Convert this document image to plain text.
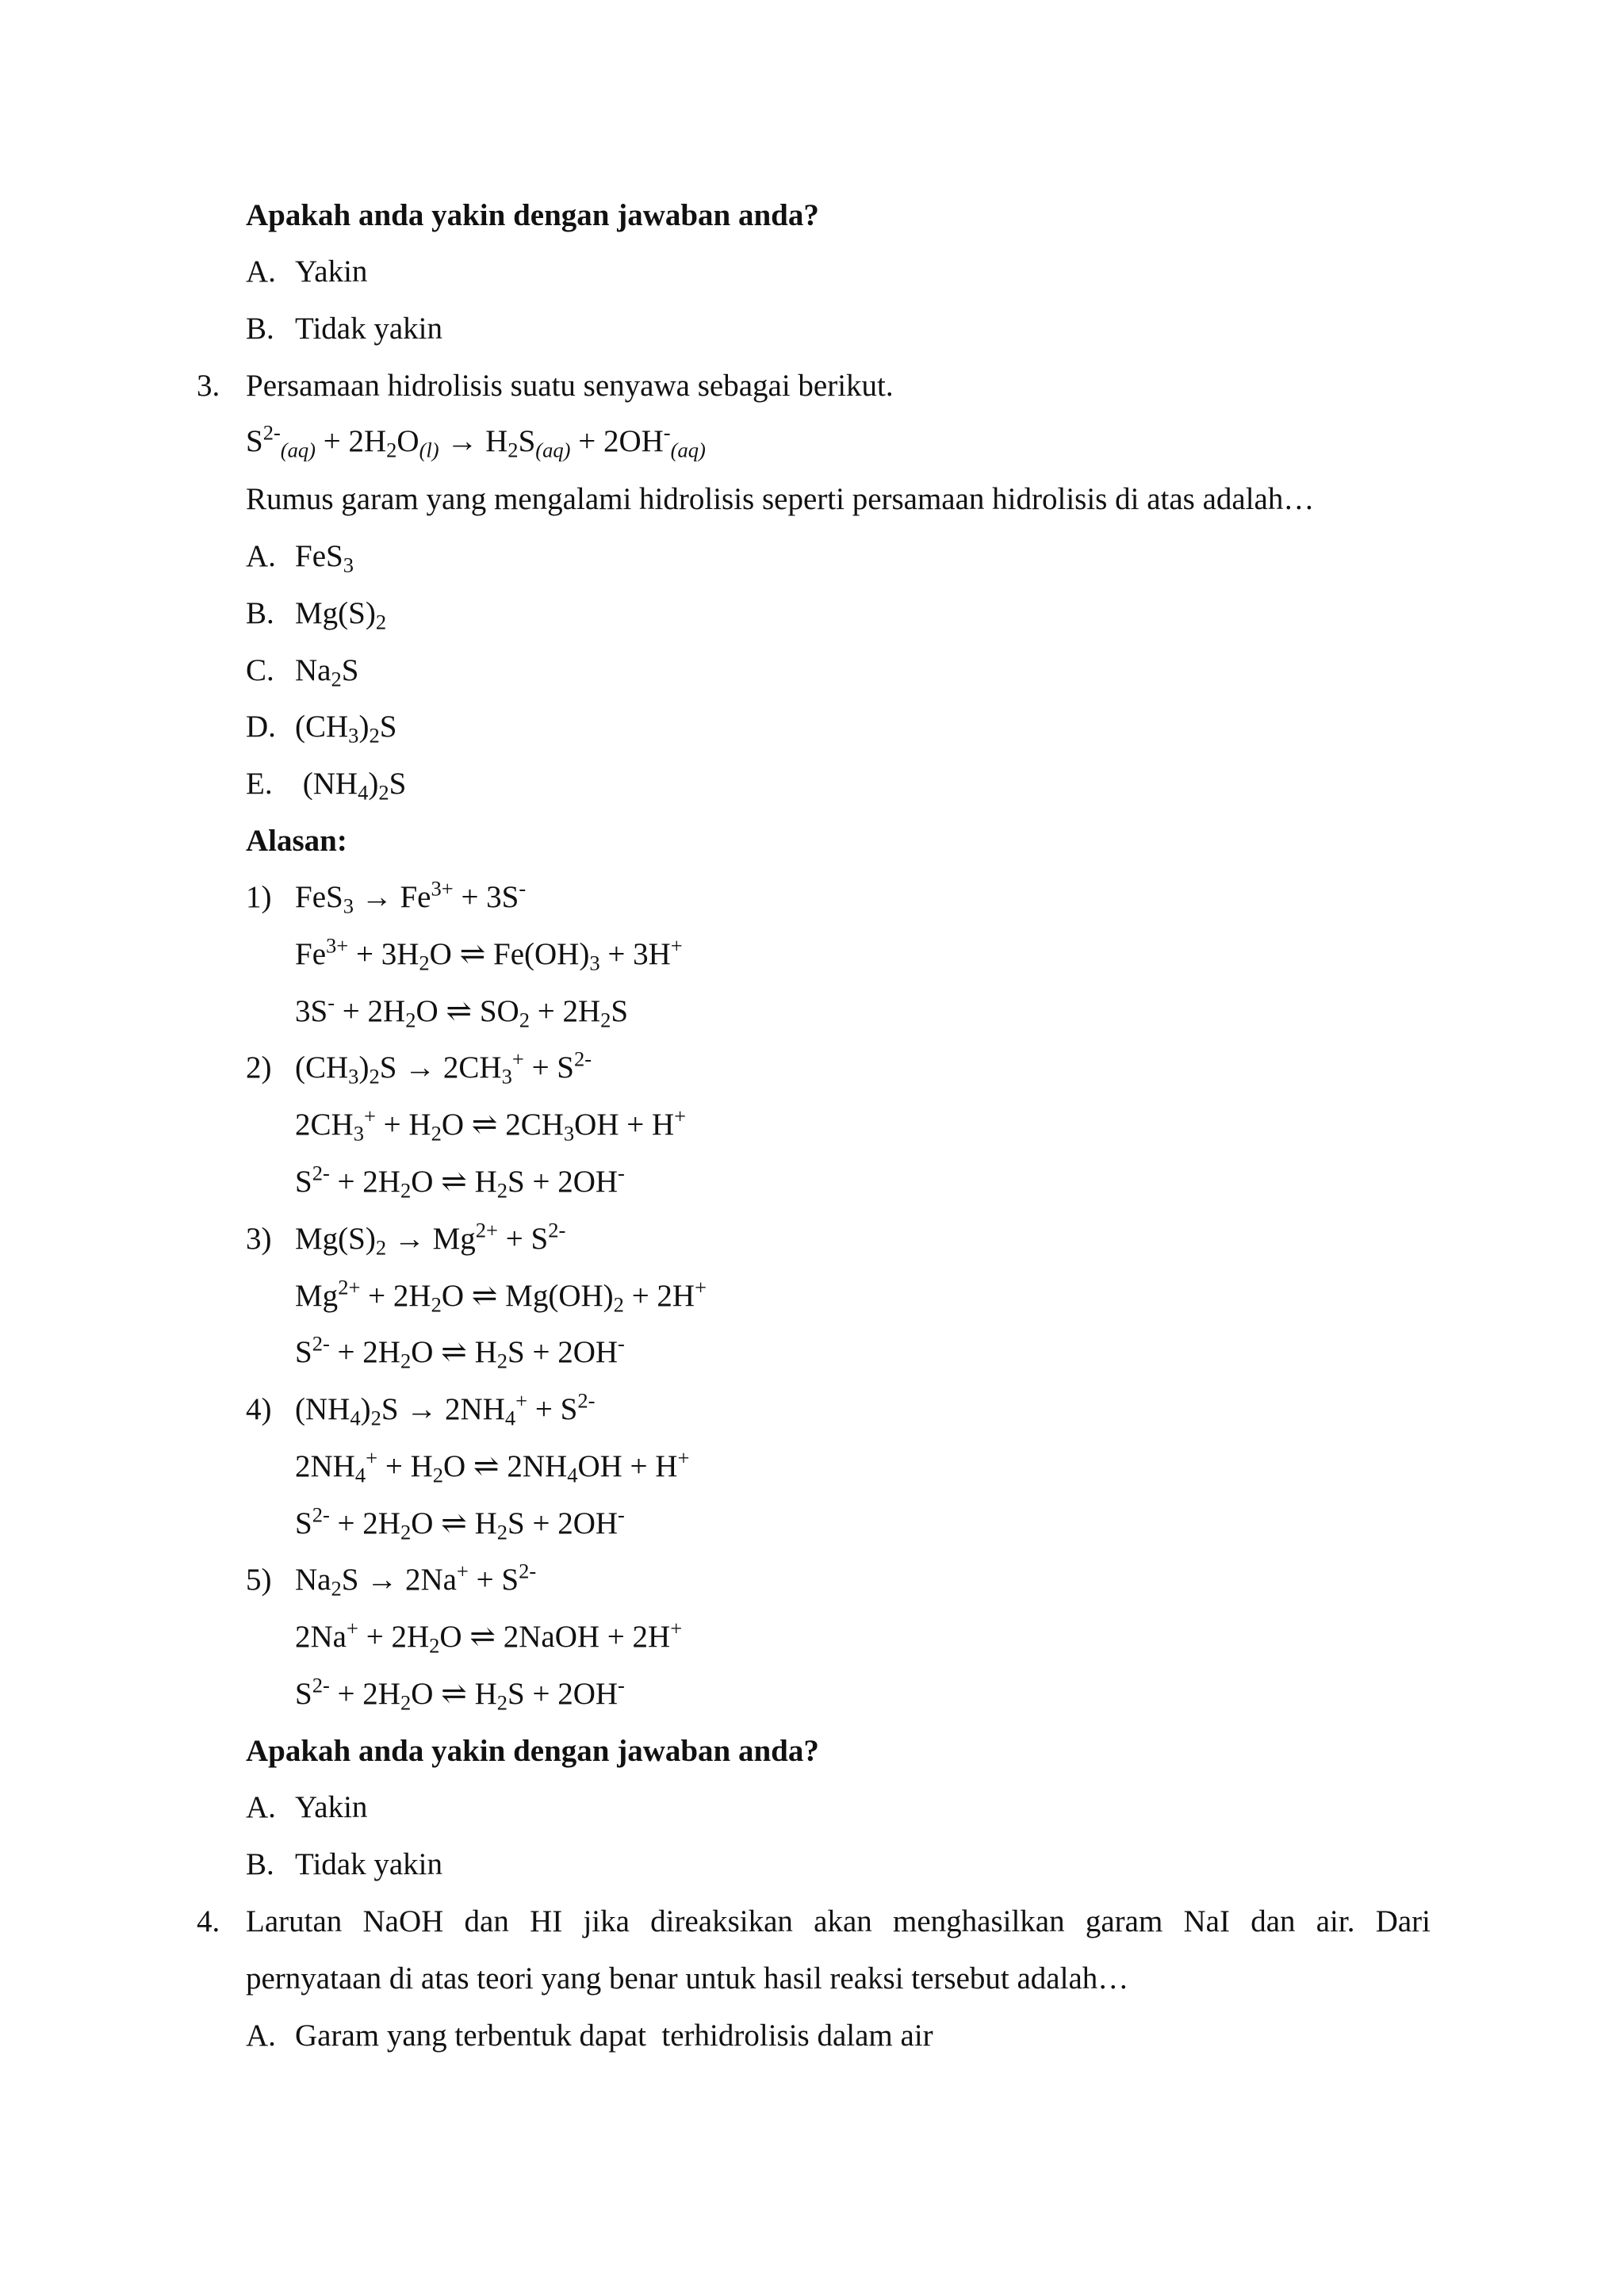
Apakah anda yakin dengan jawaban anda?
A. Yakin
B. Tidak yakin
3. Persamaan hidrolisis suatu senyawa sebagai berikut.
$S^{2-}_{(aq)} + 2H_2O_{(l)} \to H_2S_{(aq)} + 2OH^-_{(aq)}$
Rumus garam yang mengalami hidrolisis seperti persamaan hidrolisis di atas adalah…
A. FeS$_3$
B. $Mg(S)_2$
C. $Na_2S$
D. $(CH_3)_2S$
E. $(NH_4)_2S$
Alasan:
1) $FeS_3 \to Fe^{3+} + 3S^-$
$Fe^{3+} + 3H_2O$ ⇌ $Fe(OH)_3 + 3H^+$
$3S^- + 2H_2O$ ⇌ $SO_2 + 2H_2S$
2) $(CH_3)_2S \to 2CH_3^+ + S^{2-}$
$2CH_3^+ + H_2O$ ⇌ $2CH_3OH + H^+$
$S^{2-} + 2H_2O$ ⇌ $H_2S + 2OH^-$
3) $Mg(S)_2 \to Mg^{2+} + S^{2-}$
$Mg^{2+} + 2H_2O$ ⇌ $Mg(OH)_2 + 2H^+$
$S^{2-} + 2H_2O$ ⇌ $H_2S + 2OH^-$
4) $(NH_4)_2S \to 2NH_4^+ + S^{2-}$
$2NH_4^+ + H_2O$ ⇌ $2NH_4OH + H^+$
$S^{2-} + 2H_2O$ ⇌ $H_2S + 2OH^-$
5) $Na_2S \to 2Na^+ + S^{2-}$
$2Na^+ + 2H_2O$ ⇌ 2NaOH + 2H+
$S^{2-} + 2H_2O$ ⇌ $H_2S + 2OH^-$
Apakah anda yakin dengan jawaban anda?
A. Yakin
B. Tidak yakin
4. Larutan NaOH dan HI jika direaksikan akan menghasilkan garam NaI dan air. Dari
pernyataan di atas teori yang benar untuk hasil reaksi tersebut adalah…
A. Garam yang terbentuk dapat  terhidrolisis dalam air
